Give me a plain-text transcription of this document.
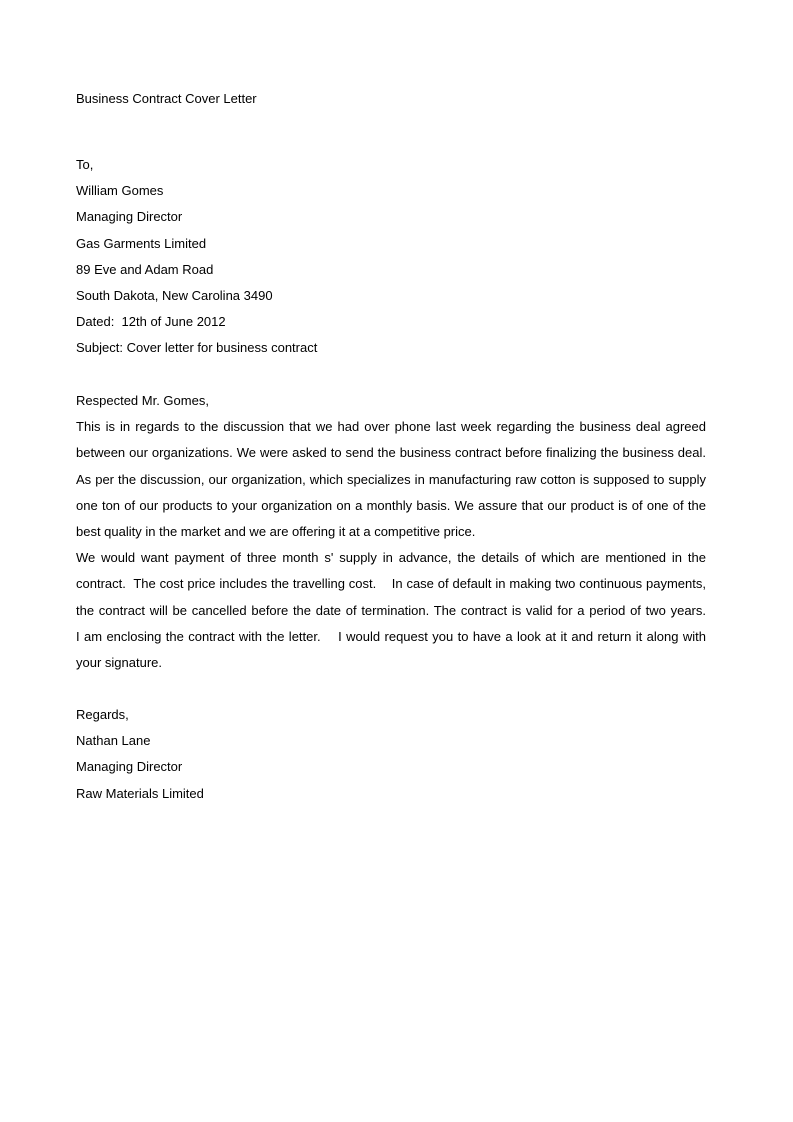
Business Contract Cover Letter
To,
William Gomes
Managing Director
Gas Garments Limited
89 Eve and Adam Road
South Dakota, New Carolina 3490
Dated:  12th of June 2012
Subject: Cover letter for business contract
Respected Mr. Gomes,
This is in regards to the discussion that we had over phone last week regarding the business deal agreed
between our organizations. We were asked to send the business contract before finalizing the business deal.
As per the discussion, our organization, which specializes in manufacturing raw cotton is supposed to supply
one ton of our products to your organization on a monthly basis. We assure that our product is of one of the
best quality in the market and we are offering it at a competitive price.
We would want payment of three month s' supply in advance, the details of which are mentioned in the
contract.  The cost price includes the travelling cost.    In case of default in making two continuous payments,
the contract will be cancelled before the date of termination. The contract is valid for a period of two years.
I am enclosing the contract with the letter.    I would request you to have a look at it and return it along with
your signature.
Regards,
Nathan Lane
Managing Director
Raw Materials Limited
